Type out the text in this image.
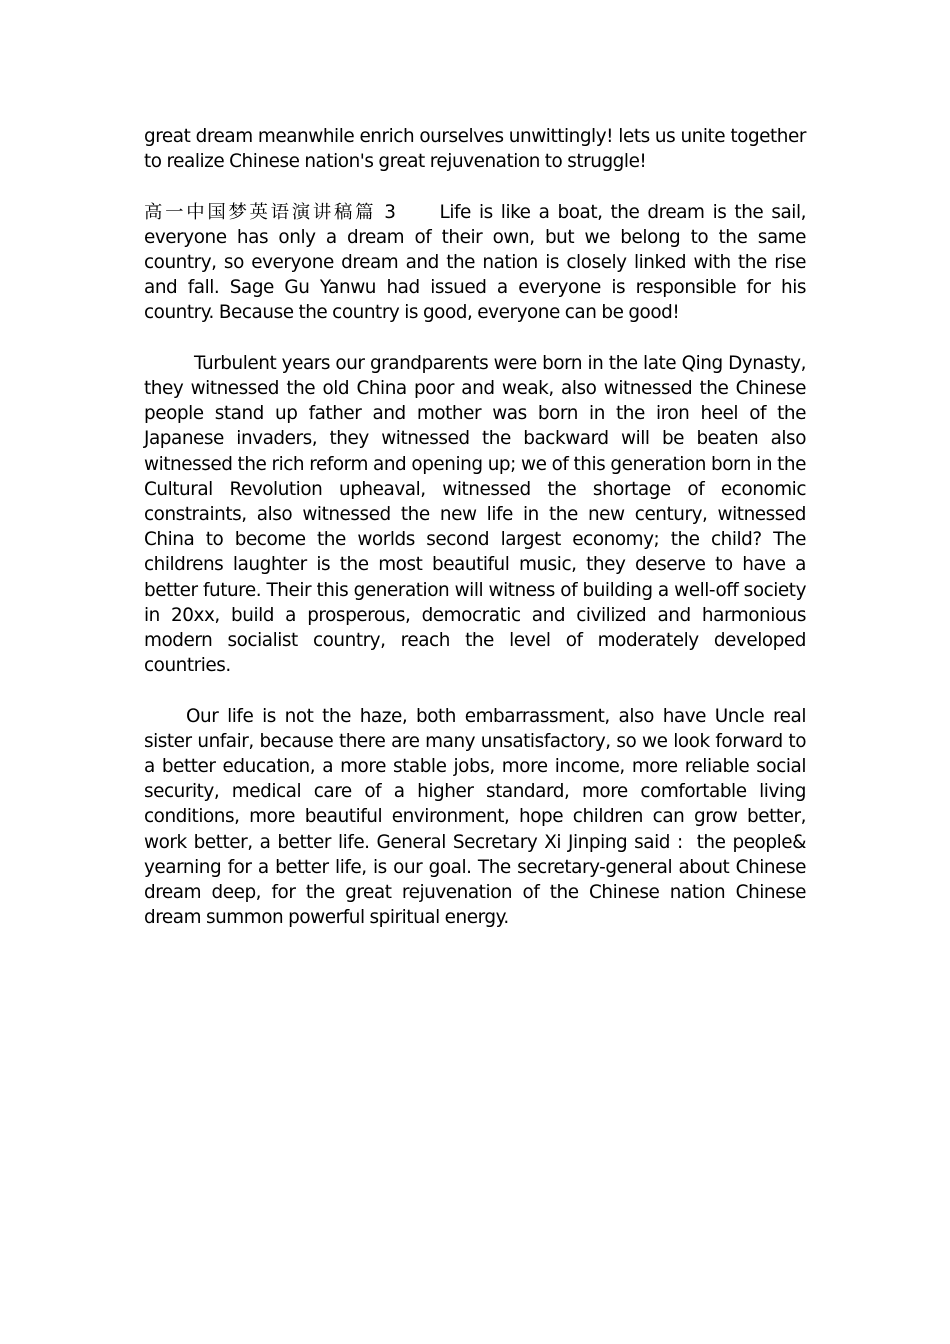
great dream meanwhile enrich ourselves unwittingly! lets us unite together to realize Chinese nation's great rejuvenation to struggle!

高一中国梦英语演讲稿篇 3 Life is like a boat, the dream is the sail, everyone has only a dream of their own, but we belong to the same country, so everyone dream and the nation is closely linked with the rise and fall. Sage Gu Yanwu had issued a everyone is responsible for his country. Because the country is good, everyone can be good!

Turbulent years our grandparents were born in the late Qing Dynasty, they witnessed the old China poor and weak, also witnessed the Chinese people stand up father and mother was born in the iron heel of the Japanese invaders, they witnessed the backward will be beaten also witnessed the rich reform and opening up; we of this generation born in the Cultural Revolution upheaval, witnessed the shortage of economic constraints, also witnessed the new life in the new century, witnessed China to become the worlds second largest economy; the child? The childrens laughter is the most beautiful music, they deserve to have a better future. Their this generation will witness of building a well-off society in 20xx, build a prosperous, democratic and civilized and harmonious modern socialist country, reach the level of moderately developed countries.

Our life is not the haze, both embarrassment, also have Uncle real sister unfair, because there are many unsatisfactory, so we look forward to a better education, a more stable jobs, more income, more reliable social security, medical care of a higher standard, more comfortable living conditions, more beautiful environment, hope children can grow better, work better, a better life. General Secretary Xi Jinping said :  the people& yearning for a better life, is our goal. The secretary-general about Chinese dream deep, for the great rejuvenation of the Chinese nation Chinese dream summon powerful spiritual energy.
